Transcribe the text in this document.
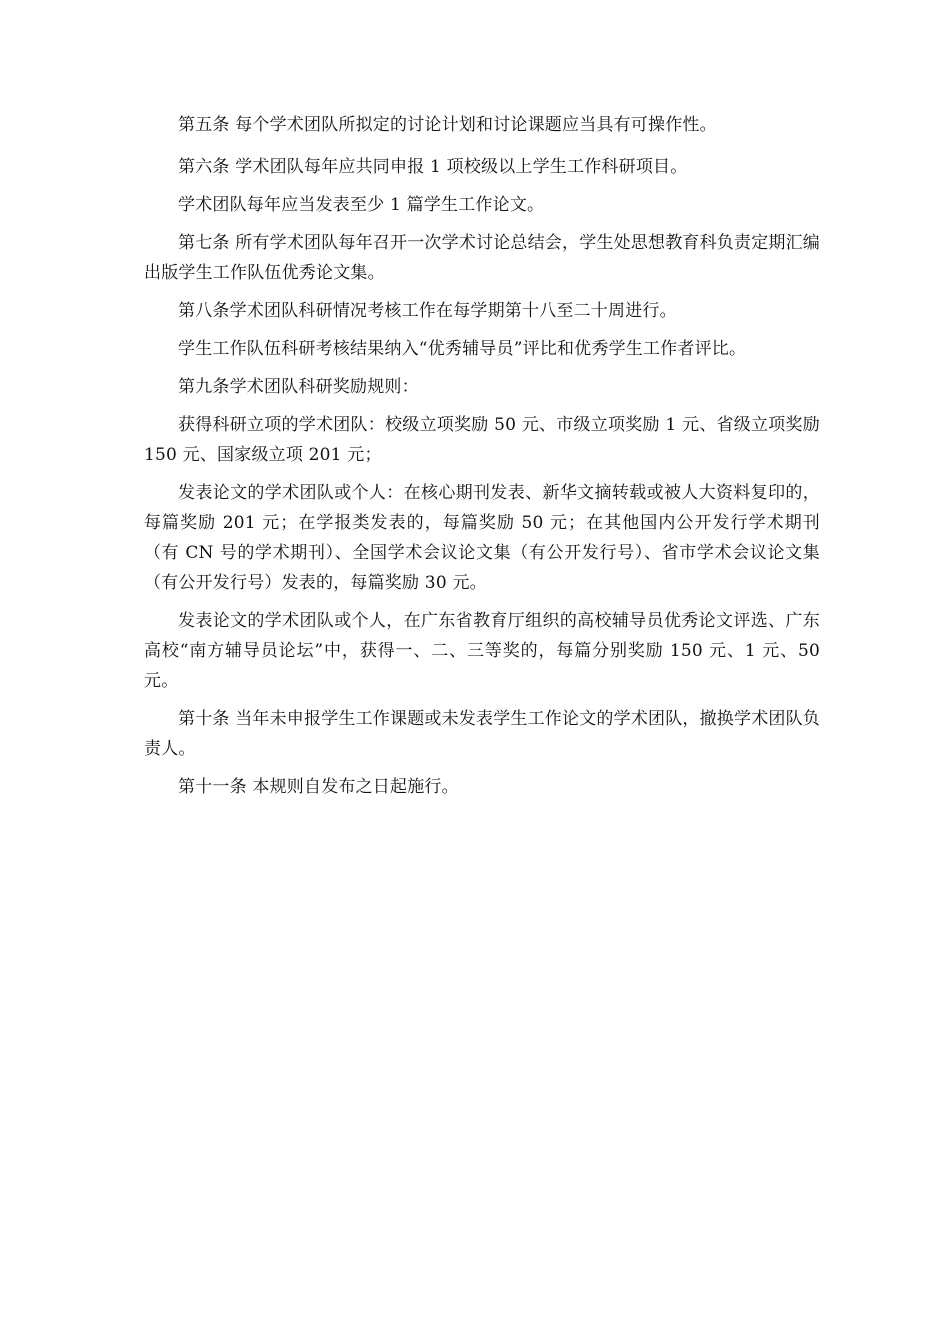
第五条 每个学术团队所拟定的讨论计划和讨论课题应当具有可操作性。

第六条 学术团队每年应共同申报 1 项校级以上学生工作科研项目。

学术团队每年应当发表至少 1 篇学生工作论文。

第七条 所有学术团队每年召开一次学术讨论总结会，学生处思想教育科负责定期汇编出版学生工作队伍优秀论文集。

第八条学术团队科研情况考核工作在每学期第十八至二十周进行。

学生工作队伍科研考核结果纳入“优秀辅导员”评比和优秀学生工作者评比。

第九条学术团队科研奖励规则：

获得科研立项的学术团队：校级立项奖励 50 元、市级立项奖励 1 元、省级立项奖励 150 元、国家级立项 201 元；

发表论文的学术团队或个人：在核心期刊发表、新华文摘转载或被人大资料复印的，每篇奖励 201 元；在学报类发表的，每篇奖励 50 元；在其他国内公开发行学术期刊（有 CN 号的学术期刊）、全国学术会议论文集（有公开发行号）、省市学术会议论文集（有公开发行号）发表的，每篇奖励 30 元。

发表论文的学术团队或个人，在广东省教育厅组织的高校辅导员优秀论文评选、广东高校“南方辅导员论坛”中，获得一、二、三等奖的，每篇分别奖励 150 元、1 元、50 元。

第十条 当年未申报学生工作课题或未发表学生工作论文的学术团队，撤换学术团队负责人。

第十一条 本规则自发布之日起施行。
